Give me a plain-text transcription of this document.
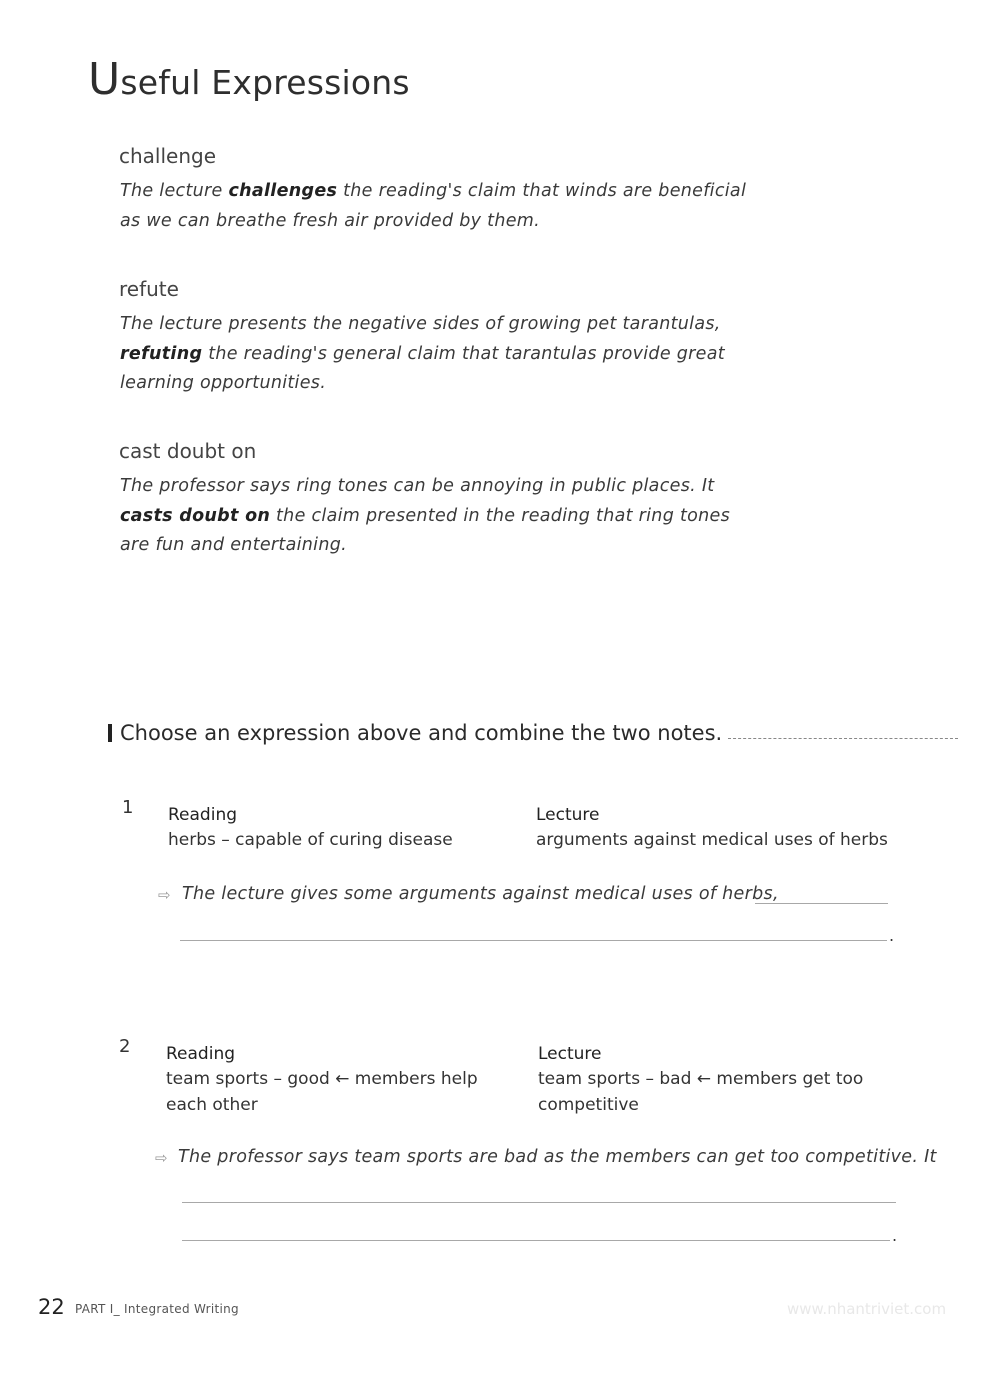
Useful Expressions
challenge
The lecture challenges the reading's claim that winds are beneficial as we can breathe fresh air provided by them.
refute
The lecture presents the negative sides of growing pet tarantulas, refuting the reading's general claim that tarantulas provide great learning opportunities.
cast doubt on
The professor says ring tones can be annoying in public places. It casts doubt on the claim presented in the reading that ring tones are fun and entertaining.
Choose an expression above and combine the two notes.
1 Reading
herbs – capable of curing disease
Lecture
arguments against medical uses of herbs
⇨ The lecture gives some arguments against medical uses of herbs,
.
2 Reading
team sports – good ← members help each other
Lecture
team sports – bad ← members get too competitive
⇨ The professor says team sports are bad as the members can get too competitive. It
.
22 PART I_ Integrated Writing	www.nhantriviet.com
